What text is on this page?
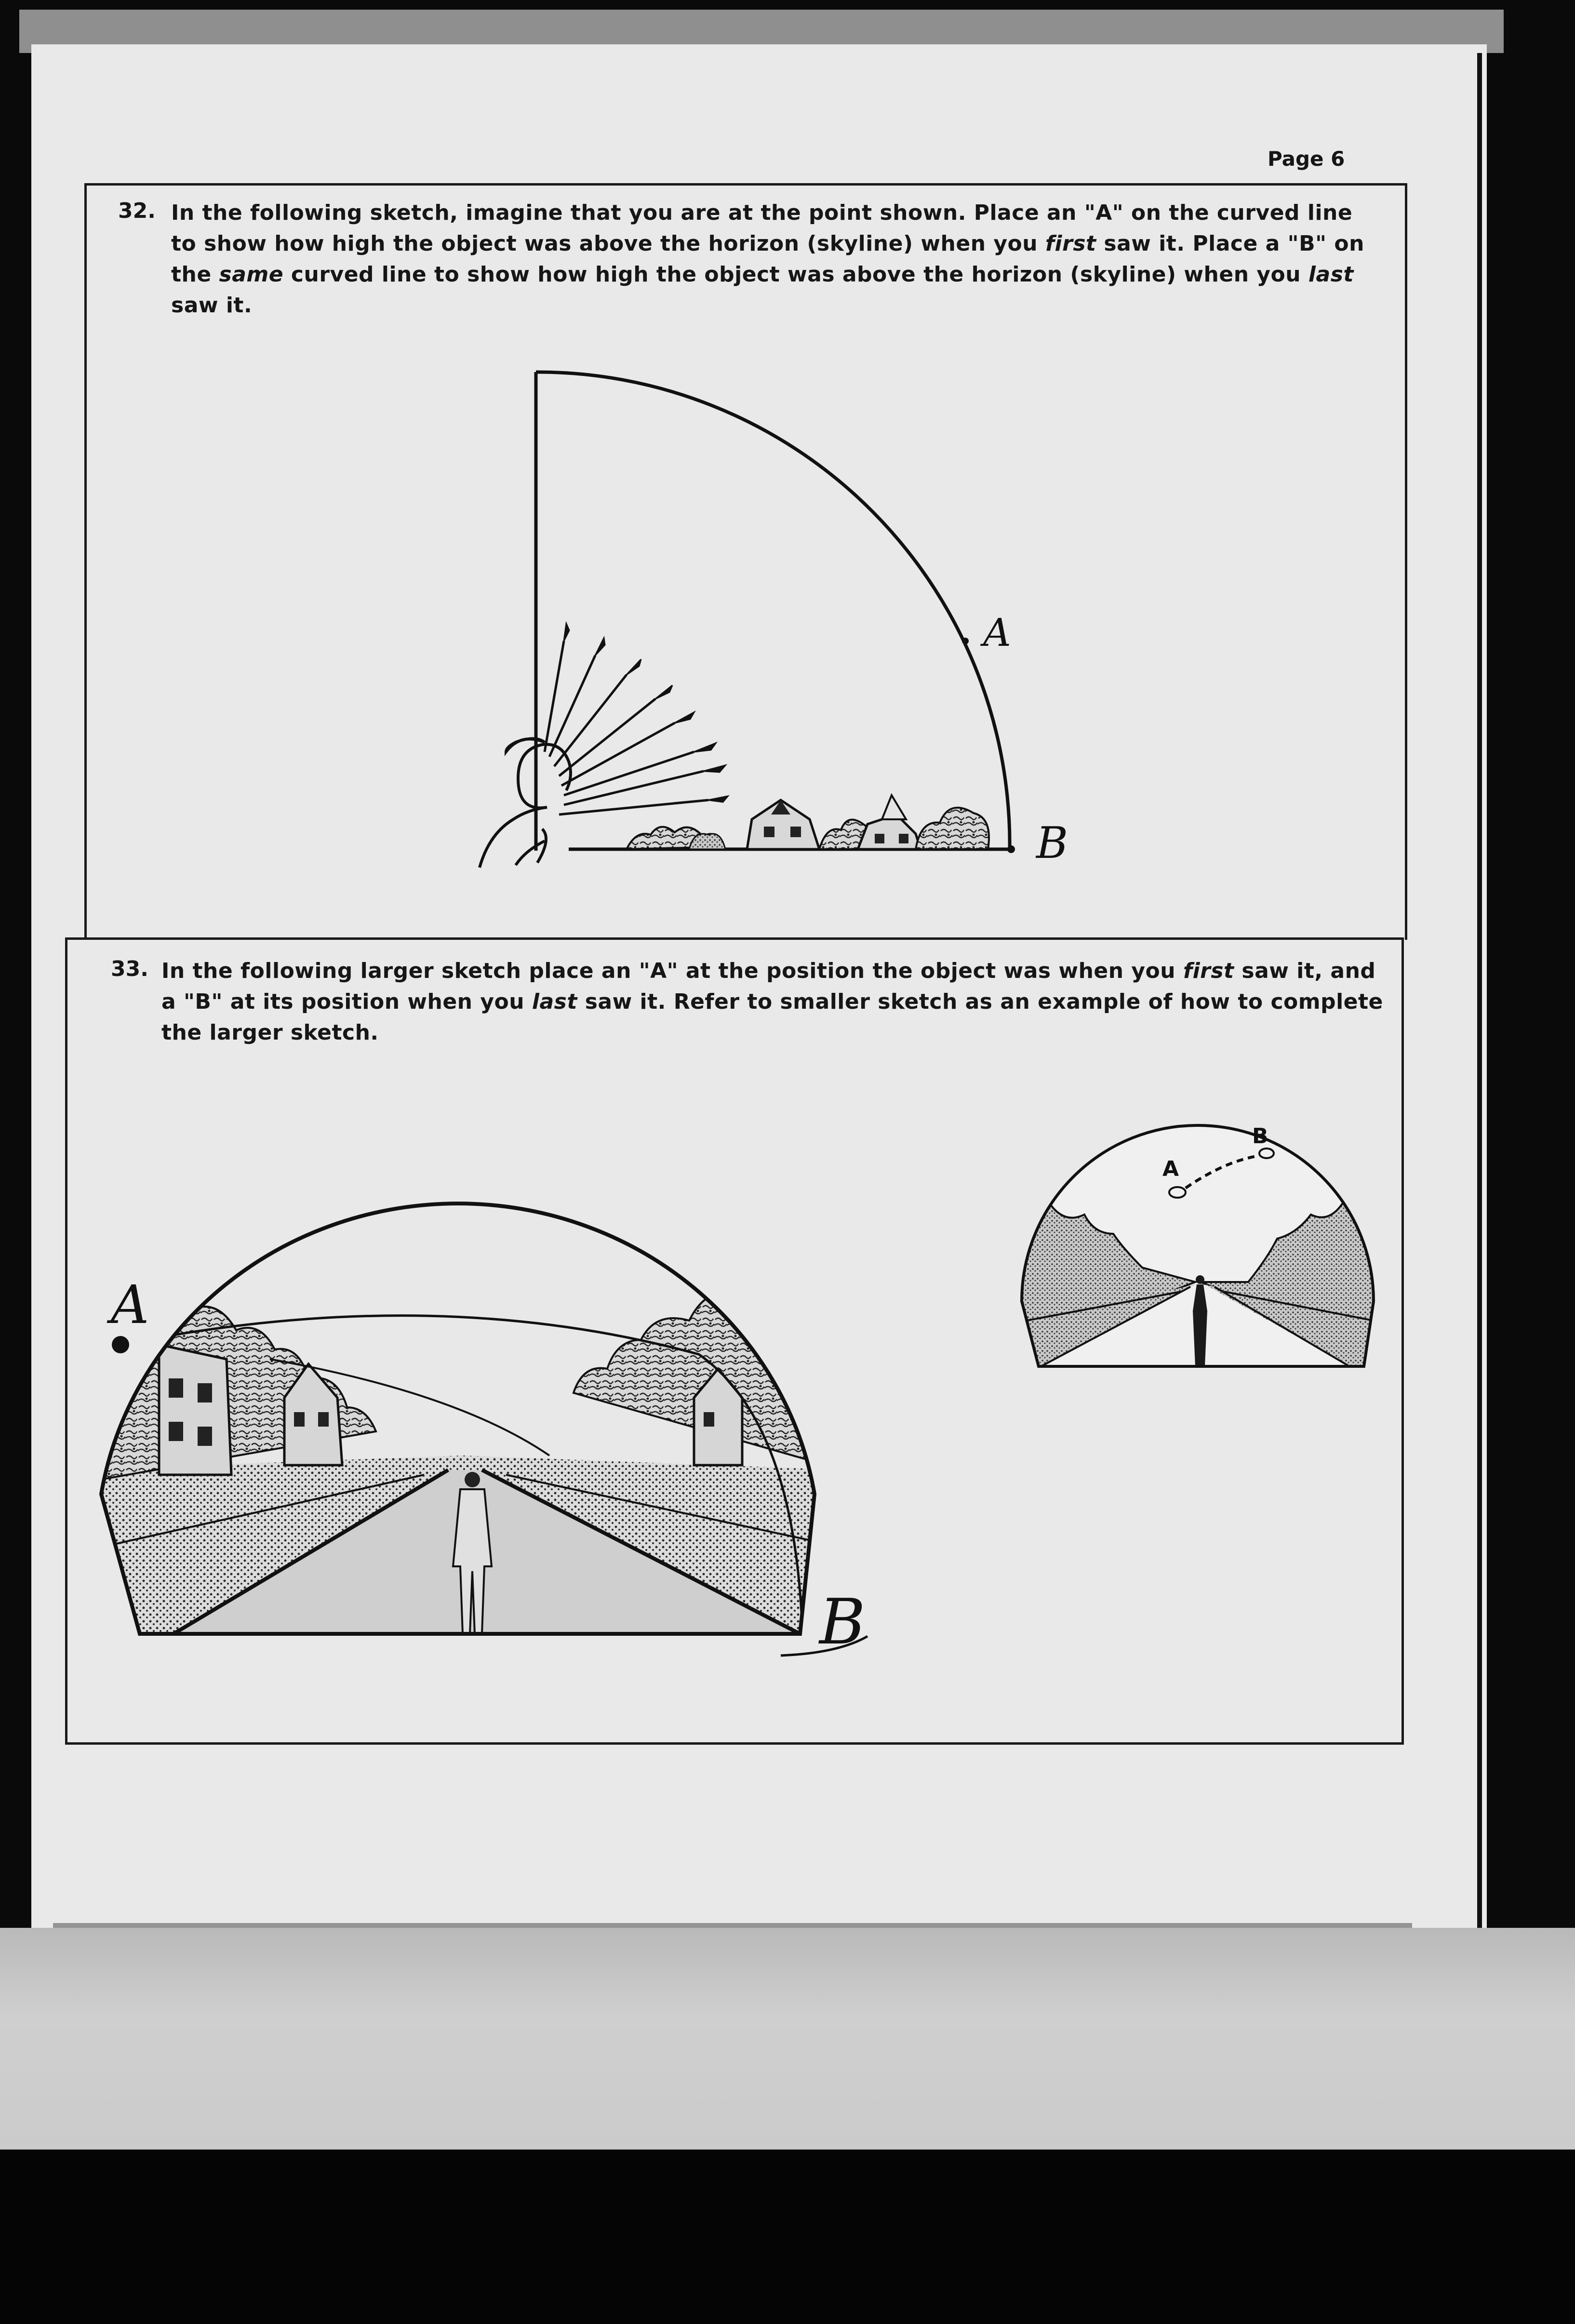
Page 6
32. In the following sketch, imagine that you are at the point shown. Place an "A" on the curved line to show how high the object was above the horizon (skyline) when you first saw it. Place a "B" on the same curved line to show how high the object was above the horizon (skyline) when you last saw it.
33. In the following larger sketch place an "A" at the position the object was when you first saw it, and a "B" at its position when you last saw it. Refer to smaller sketch as an example of how to complete the larger sketch.
A
B
A
B
A
B
